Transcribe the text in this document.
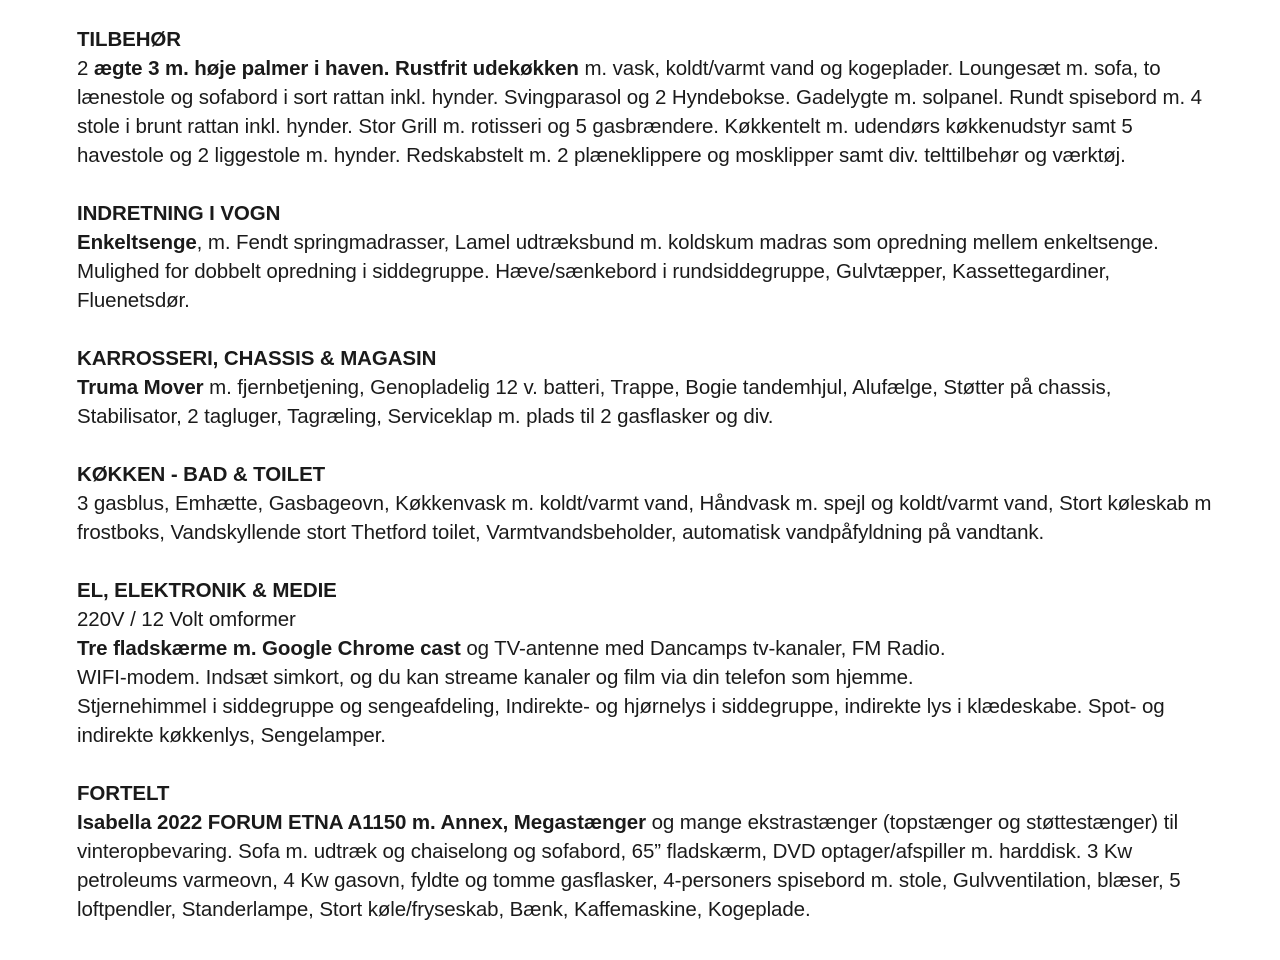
TILBEHØR
2 ægte 3 m. høje palmer i haven. Rustfrit udekøkken m. vask, koldt/varmt vand og kogeplader. Loungesæt m. sofa, to lænestole og sofabord i sort rattan inkl. hynder. Svingparasol og 2 Hyndebokse. Gadelygte m. solpanel. Rundt spisebord m. 4 stole i brunt rattan inkl. hynder. Stor Grill m. rotisseri og 5 gasbrændere. Køkkentelt m. udendørs køkkenudstyr samt 5 havestole og 2 liggestole m. hynder. Redskabstelt m. 2 plæneklippere og mosklipper samt div. telttilbehør og værktøj.
INDRETNING I VOGN
Enkeltsenge, m. Fendt springmadrasser, Lamel udtræksbund m. koldskum madras som opredning mellem enkeltsenge. Mulighed for dobbelt opredning i siddegruppe. Hæve/sænkebord i rundsiddegruppe, Gulvtæpper, Kassettegardiner, Fluenetsdør.
KARROSSERI, CHASSIS & MAGASIN
Truma Mover m. fjernbetjening, Genopladelig 12 v. batteri, Trappe, Bogie tandemhjul, Alufælge, Støtter på chassis, Stabilisator, 2 tagluger, Tagræling, Serviceklap m. plads til 2 gasflasker og div.
KØKKEN - BAD & TOILET
3 gasblus, Emhætte, Gasbageovn, Køkkenvask m. koldt/varmt vand, Håndvask m. spejl og koldt/varmt vand, Stort køleskab m frostboks, Vandskyllende stort Thetford toilet, Varmtvandsbeholder, automatisk vandpåfyldning på vandtank.
EL, ELEKTRONIK & MEDIE
220V / 12 Volt omformer
Tre fladskærme m. Google Chrome cast og TV-antenne med Dancamps tv-kanaler, FM Radio.
WIFI-modem. Indsæt simkort, og du kan streame kanaler og film via din telefon som hjemme.
Stjernehimmel i siddegruppe og sengeafdeling, Indirekte- og hjørnelys i siddegruppe, indirekte lys i klædeskabe. Spot- og indirekte køkkenlys, Sengelamper.
FORTELT
Isabella 2022 FORUM ETNA A1150 m. Annex, Megastænger og mange ekstrastænger (topstænger og støttestænger) til vinteropbevaring. Sofa m. udtræk og chaiselong og sofabord, 65” fladskærm, DVD optager/afspiller m. harddisk. 3 Kw petroleums varmeovn, 4 Kw gasovn, fyldte og tomme gasflasker, 4-personers spisebord m. stole, Gulvventilation, blæser, 5 loftpendler, Standerlampe, Stort køle/fryseskab, Bænk, Kaffemaskine, Kogeplade.
